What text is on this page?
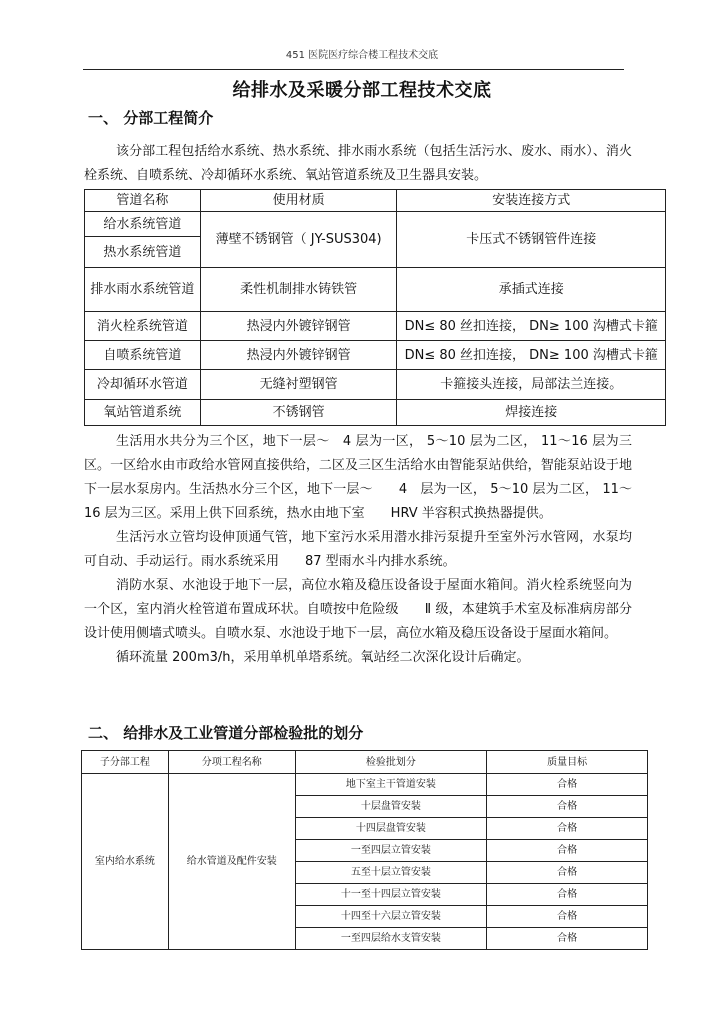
451 医院医疗综合楼工程技术交底
给排水及采暖分部工程技术交底
一、 分部工程简介

该分部工程包括给水系统、热水系统、排水雨水系统（包括生活污水、废水、雨水）、消火栓系统、自喷系统、冷却循环水系统、氧站管道系统及卫生器具安装。

管道名称	使用材质	安装连接方式
给水系统管道	薄壁不锈钢管（ JY-SUS304)	卡压式不锈钢管件连接
热水系统管道		
排水雨水系统管道	柔性机制排水铸铁管	承插式连接
消火栓系统管道	热浸内外镀锌钢管	DN≤ 80 丝扣连接， DN≥ 100 沟槽式卡箍
自喷系统管道	热浸内外镀锌钢管	DN≤ 80 丝扣连接， DN≥ 100 沟槽式卡箍
冷却循环水管道	无缝衬塑钢管	卡箍接头连接，局部法兰连接。
氧站管道系统	不锈钢管	焊接连接

生活用水共分为三个区，地下一层～　4 层为一区， 5～10 层为二区， 11～16 层为三区。一区给水由市政给水管网直接供给，二区及三区生活给水由智能泵站供给，智能泵站设于地下一层水泵房内。生活热水分三个区，地下一层～　　4　层为一区， 5～10 层为二区， 11～16 层为三区。采用上供下回系统，热水由地下室　　HRV 半容积式换热器提供。

生活污水立管均设伸顶通气管，地下室污水采用潜水排污泵提升至室外污水管网，水泵均可自动、手动运行。雨水系统采用　　87 型雨水斗内排水系统。

消防水泵、水池设于地下一层，高位水箱及稳压设备设于屋面水箱间。消火栓系统竖向为一个区，室内消火栓管道布置成环状。自喷按中危险级　　Ⅱ 级，本建筑手术室及标准病房部分设计使用侧墙式喷头。自喷水泵、水池设于地下一层，高位水箱及稳压设备设于屋面水箱间。

循环流量 200m3/h，采用单机单塔系统。氧站经二次深化设计后确定。

二、 给排水及工业管道分部检验批的划分
子分部工程	分项工程名称	检验批划分	质量目标
室内给水系统	给水管道及配件安装	地下室主干管道安装	合格
		十层盘管安装	合格
		十四层盘管安装	合格
		一至四层立管安装	合格
		五至十层立管安装	合格
		十一至十四层立管安装	合格
		十四至十六层立管安装	合格
		一至四层给水支管安装	合格
